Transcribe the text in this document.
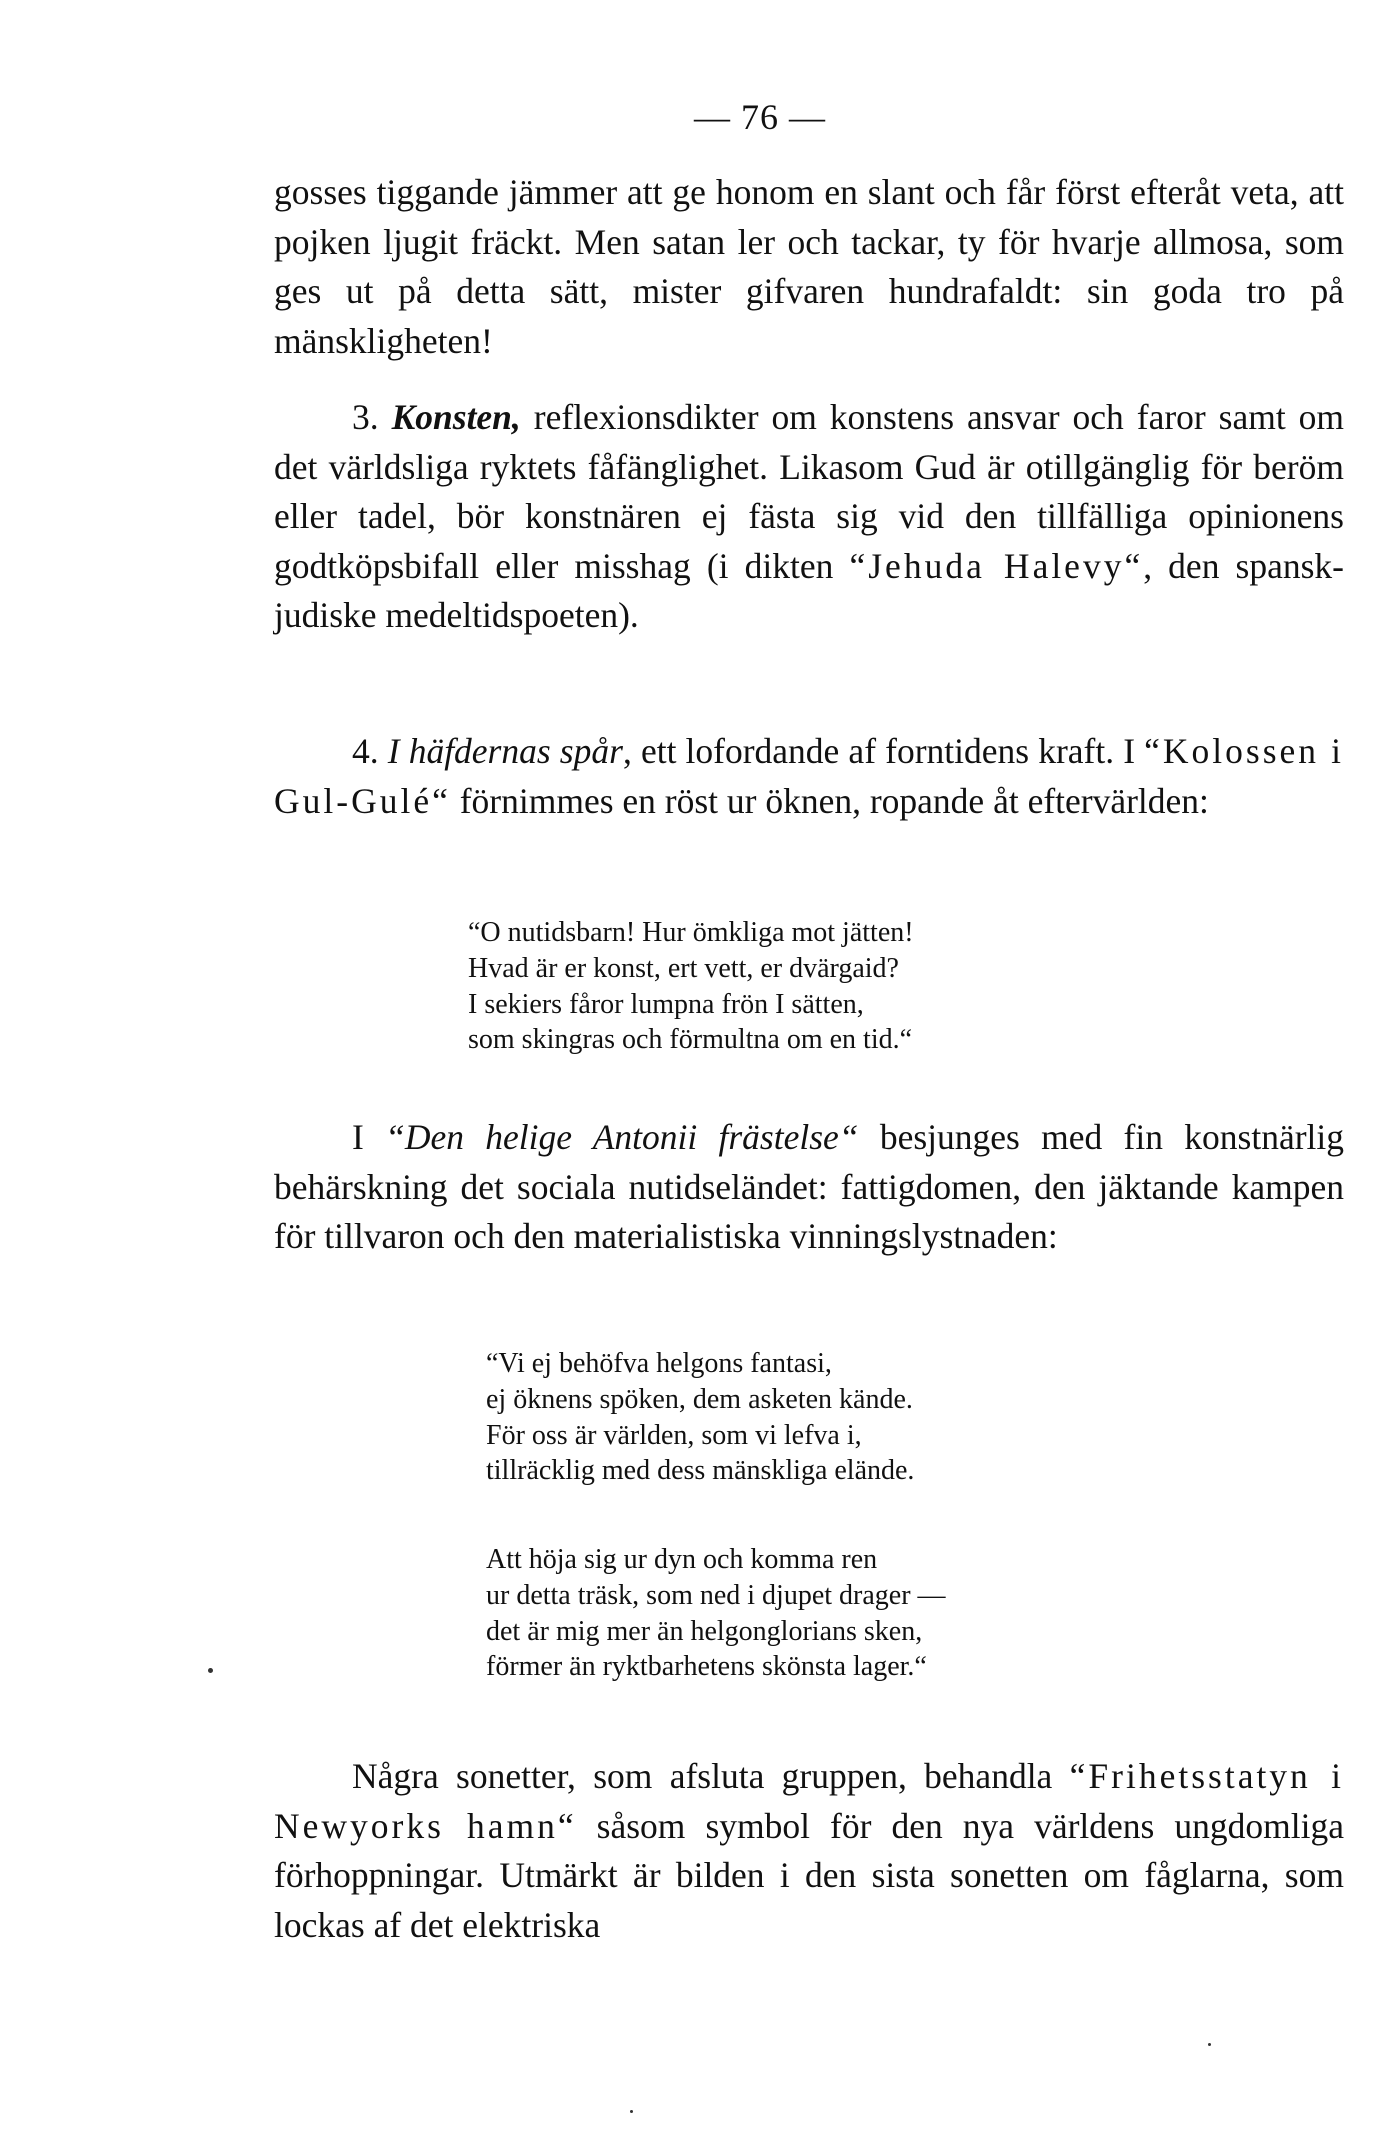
— 76 —

gosses tiggande jämmer att ge honom en slant och får först efteråt veta, att pojken ljugit fräckt. Men satan ler och tackar, ty för hvarje allmosa, som ges ut på detta sätt, mister gifvaren hundrafaldt: sin goda tro på mänskligheten!

3. Konsten, reflexionsdikter om konstens ansvar och faror samt om det världsliga ryktets fåfänglighet. Likasom Gud är otillgänglig för beröm eller tadel, bör konstnären ej fästa sig vid den tillfälliga opinionens godtköpsbifall eller misshag (i dikten “Jehuda Halevy“, den spansk-judiske medeltidspoeten).

4. I häfdernas spår, ett lofordande af forntidens kraft. I “Kolossen i Gul-Gulé“ förnimmes en röst ur öknen, ropande åt eftervärlden:

“O nutidsbarn! Hur ömkliga mot jätten!
Hvad är er konst, ert vett, er dvärgaid?
I sekiers fåror lumpna frön I sätten,
som skingras och förmultna om en tid.“

I “Den helige Antonii frästelse“ besjunges med fin konstnärlig behärskning det sociala nutidseländet: fattigdomen, den jäktande kampen för tillvaron och den materialistiska vinningslystnaden:

“Vi ej behöfva helgons fantasi,
ej öknens spöken, dem asketen kände.
För oss är världen, som vi lefva i,
tillräcklig med dess mänskliga elände.
Att höja sig ur dyn och komma ren
ur detta träsk, som ned i djupet drager —
det är mig mer än helgonglorians sken,
förmer än ryktbarhetens skönsta lager.“

Några sonetter, som afsluta gruppen, behandla “Frihetsstatyn i Newyorks hamn“ såsom symbol för den nya världens ungdomliga förhoppningar. Utmärkt är bilden i den sista sonetten om fåglarna, som lockas af det elektriska
